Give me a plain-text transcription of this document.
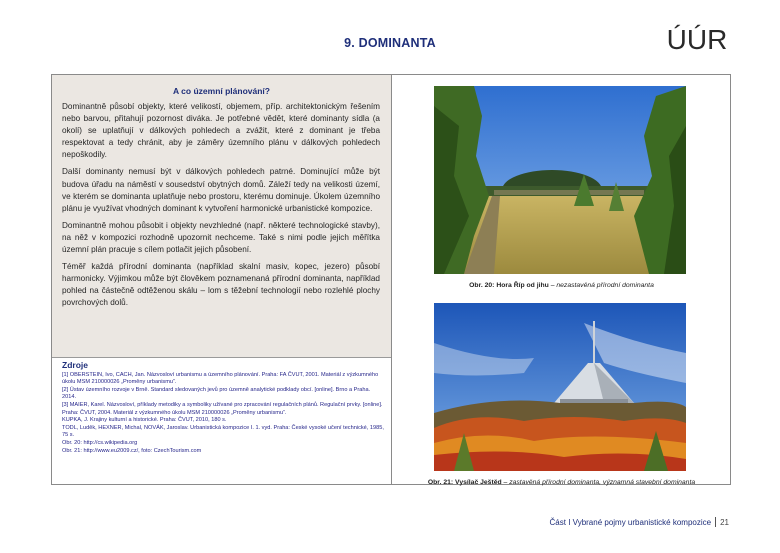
9. DOMINANTA	ÚÚR
A co územní plánování?

Dominantně působí objekty, které velikostí, objemem, příp. architektonickým řešením nebo barvou, přitahují pozornost diváka. Je potřebné vědět, které dominanty sídla (a okolí) se uplatňují v dálkových pohledech a zvážit, které z dominant je třeba respektovat a tedy chránit, aby je záměry územního plánu v dálkových pohledech nepoškodily.

Další dominanty nemusí být v dálkových pohledech patrné. Dominující může být budova úřadu na náměstí v sousedství obytných domů. Záleží tedy na velikosti území, ve kterém se dominanta uplatňuje nebo prostoru, kterému dominuje. Úkolem územního plánu je využívat vhodných dominant k vytvoření harmonické urbanistické kompozice.

Dominantně mohou působit i objekty nevzhledné (např. některé technologické stavby), na něž v kompozici rozhodně upozornit nechceme. Také s nimi podle jejich měřítka územní plán pracuje s cílem potlačit jejich působení.

Téměř každá přírodní dominanta (například skalní masiv, kopec, jezero) působí harmonicky. Výjimkou může být člověkem poznamenaná přírodní dominanta, například pohled na částečně odtěženou skálu – lom s těžební technologií nebo rozlehlé plochy povrchových dolů.

Zdroje
[1] OBERSTEIN, Ivo, CACH, Jan. Názvosloví urbanismu a územního plánování. Praha: FA ČVUT, 2001. Materiál z výzkumného úkolu MSM 210000026 „Proměny urbanismu“.
[2] Ústav územního rozvoje v Brně. Standard sledovaných jevů pro územně analytické podklady obcí. [online]. Brno a Praha. 2014.
[3] MAIER, Karel. Názvosloví, příklady metodiky a symboliky užívané pro zpracování regulačních plánů. Regulační prvky. [online]. Praha: ČVUT, 2004. Materiál z výzkumného úkolu MSM 210000026 „Proměny urbanismu“.
KUPKA, J. Krajiny kulturní a historické. Praha: ČVUT, 2010, 180 s.
TODL, Luděk, HEXNER, Michal, NOVÁK, Jaroslav. Urbanistická kompozice I. 1. vyd. Praha: České vysoké učení technické, 1985, 75 s.
Obr. 20: http://cs.wikipedia.org
Obr. 21: http://www.eu2009.cz/, foto: CzechTourism.com
Obr. 20: Hora Říp od jihu – nezastavěná přírodní dominanta
Obr. 21: Vysílač Ještěd – zastavěná přírodní dominanta, významná stavební dominanta
Část I Vybrané pojmy urbanistické kompozice 21
